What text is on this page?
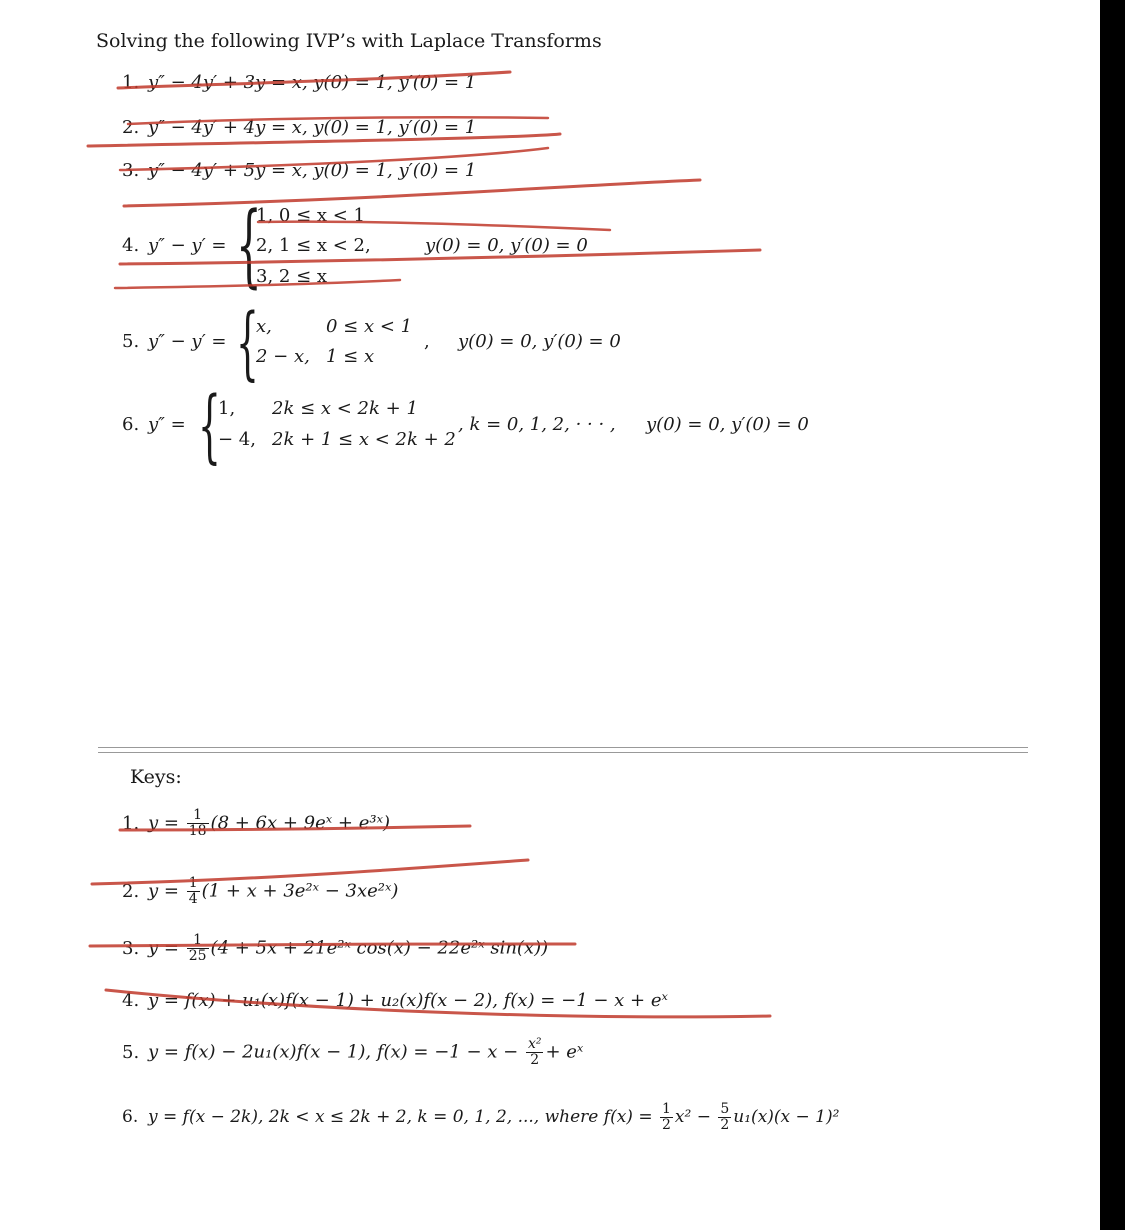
Solving the following IVP’s with Laplace Transforms
1. y″ − 4y′ + 3y = x, y(0) = 1, y′(0) = 1
2. y″ − 4y′ + 4y = x, y(0) = 1, y′(0) = 1
3. y″ − 4y′ + 5y = x, y(0) = 1, y′(0) = 1
4. y″ − y′ = {
1, 0 ≤ x < 1
2, 1 ≤ x < 2,
3, 2 ≤ x
y(0) = 0, y′(0) = 0
5. y″ − y′ = {
x,	0 ≤ x < 1
2 − x, 1 ≤ x
, y(0) = 0, y′(0) = 0
6. y″ = {
1, 2k ≤ x < 2k + 1
− 4, 2k + 1 ≤ x < 2k + 2
, k = 0, 1, 2, · · · , y(0) = 0, y′(0) = 0
Keys:
1. $y = \frac{1}{18} (8 + 6x$ + 9eˣ + e³ˣ)
2. $y = \frac{1}{4} (1 + x$ + 3e²ˣ − 3xe²ˣ)
3. $y = \frac{1}{25} (4 + 5x$ + 21e²ˣ cos(x) − 22e²ˣ sin(x))
4. y = f(x) + u₁(x)f(x − 1) + u₂(x)f(x − 2), f(x) = −1 − x + eˣ
5. y = f(x) − 2u₁(x)f(x − 1), $f(x) = -1 - x - \frac{\text{x²}}{2}$ + eˣ
6. y = f(x − 2k), 2k < x ≤ 2k + 2, k = 0, 1, 2, ..., where $f(x) = \frac{1}{2} x^2 - \frac{5}{2} u_1(x)(x - 1)^2$
